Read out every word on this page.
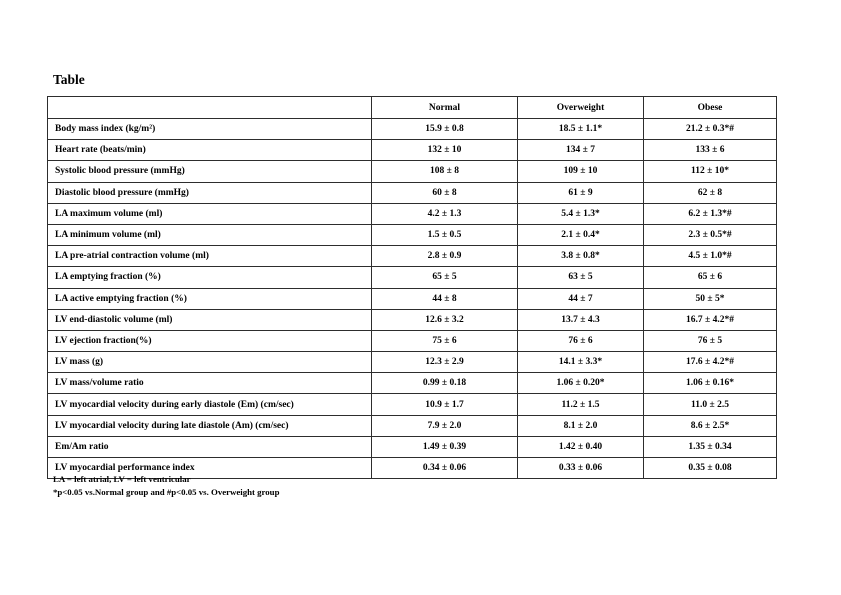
Table
	Normal	Overweight	Obese
Body mass index (kg/m²)	15.9 ± 0.8	18.5 ± 1.1*	21.2 ± 0.3*#
Heart rate (beats/min)	132 ± 10	134 ± 7	133 ± 6
Systolic blood pressure (mmHg)	108 ± 8	109 ± 10	112 ± 10*
Diastolic blood pressure (mmHg)	60 ± 8	61 ± 9	62 ± 8
LA maximum volume (ml)	4.2 ± 1.3	5.4 ± 1.3*	6.2 ± 1.3*#
LA minimum volume (ml)	1.5 ± 0.5	2.1 ± 0.4*	2.3 ± 0.5*#
LA pre-atrial contraction volume (ml)	2.8 ± 0.9	3.8 ± 0.8*	4.5 ± 1.0*#
LA emptying fraction (%)	65 ± 5	63 ± 5	65 ± 6
LA active emptying fraction (%)	44 ± 8	44 ± 7	50 ± 5*
LV end-diastolic volume (ml)	12.6 ± 3.2	13.7 ± 4.3	16.7 ± 4.2*#
LV ejection fraction(%)	75 ± 6	76 ± 6	76 ± 5
LV mass (g)	12.3 ± 2.9	14.1 ± 3.3*	17.6 ± 4.2*#
LV mass/volume ratio	0.99 ± 0.18	1.06 ± 0.20*	1.06 ± 0.16*
LV myocardial velocity during early diastole (Em) (cm/sec)	10.9 ± 1.7	11.2 ± 1.5	11.0 ± 2.5
LV myocardial velocity during late diastole (Am) (cm/sec)	7.9 ± 2.0	8.1 ± 2.0	8.6 ± 2.5*
Em/Am ratio	1.49 ± 0.39	1.42 ± 0.40	1.35 ± 0.34
LV myocardial performance index	0.34 ± 0.06	0.33 ± 0.06	0.35 ± 0.08
LA = left atrial, LV = left ventricular
*p<0.05 vs.Normal group and #p<0.05 vs. Overweight group
